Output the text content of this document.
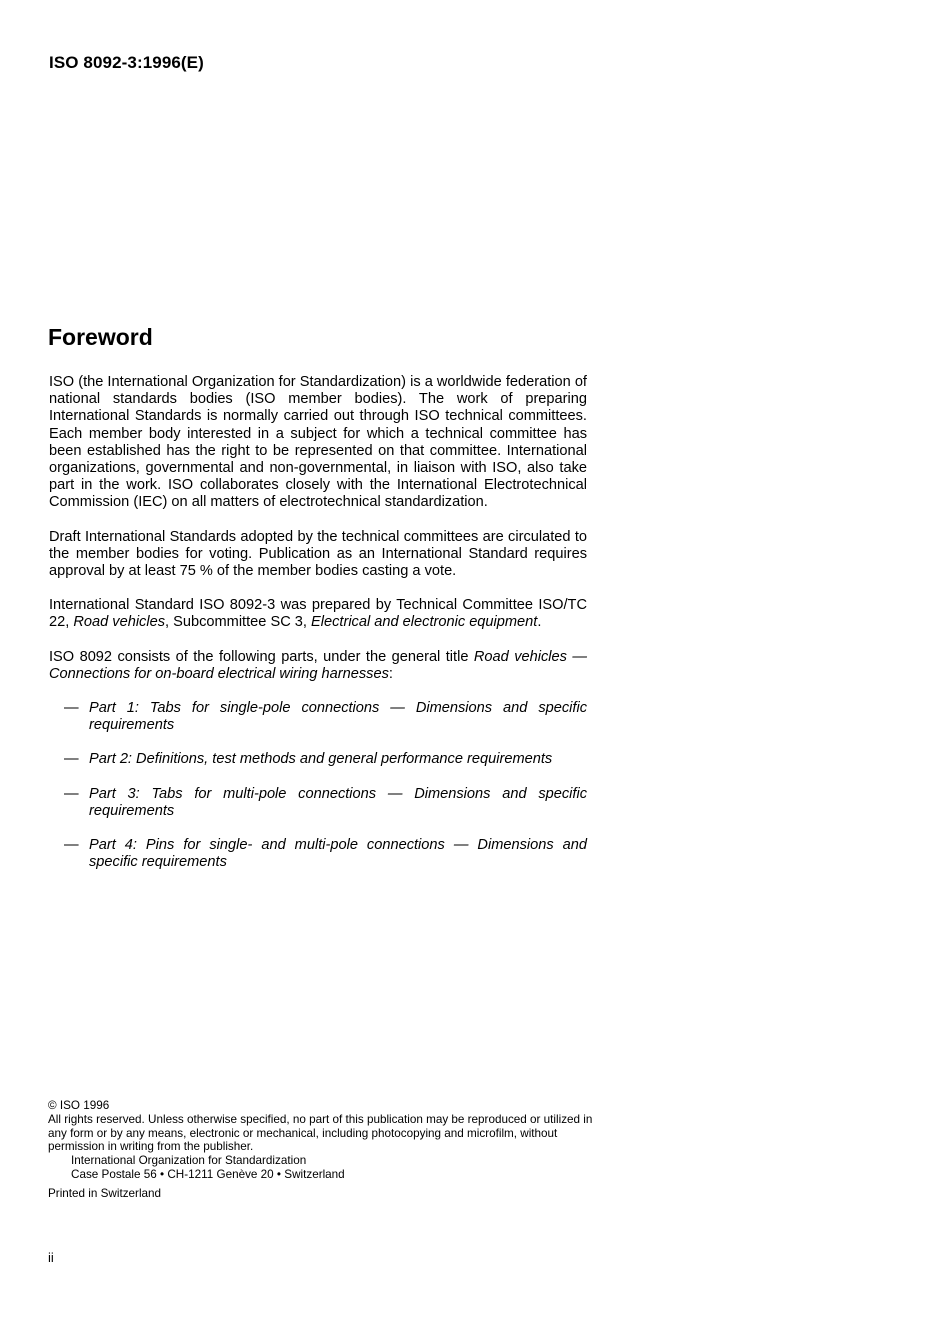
ISO 8092-3:1996(E)
Foreword

ISO (the International Organization for Standardization) is a worldwide federation of national standards bodies (ISO member bodies). The work of preparing International Standards is normally carried out through ISO technical committees. Each member body interested in a subject for which a technical committee has been established has the right to be represented on that committee. International organizations, governmental and non-governmental, in liaison with ISO, also take part in the work. ISO collaborates closely with the International Electrotechnical Commission (IEC) on all matters of electrotechnical standardization.

Draft International Standards adopted by the technical committees are circulated to the member bodies for voting. Publication as an International Standard requires approval by at least 75 % of the member bodies casting a vote.

International Standard ISO 8092-3 was prepared by Technical Committee ISO/TC 22, Road vehicles, Subcommittee SC 3, Electrical and electronic equipment.

ISO 8092 consists of the following parts, under the general title Road vehicles — Connections for on-board electrical wiring harnesses:

— Part 1: Tabs for single-pole connections — Dimensions and specific requirements
— Part 2: Definitions, test methods and general performance requirements
— Part 3: Tabs for multi-pole connections — Dimensions and specific requirements
— Part 4: Pins for single- and multi-pole connections — Dimensions and specific requirements
© ISO 1996
All rights reserved. Unless otherwise specified, no part of this publication may be reproduced or utilized in any form or by any means, electronic or mechanical, including photocopying and microfilm, without permission in writing from the publisher.
International Organization for Standardization
Case Postale 56 • CH-1211 Genève 20 • Switzerland
Printed in Switzerland
ii
